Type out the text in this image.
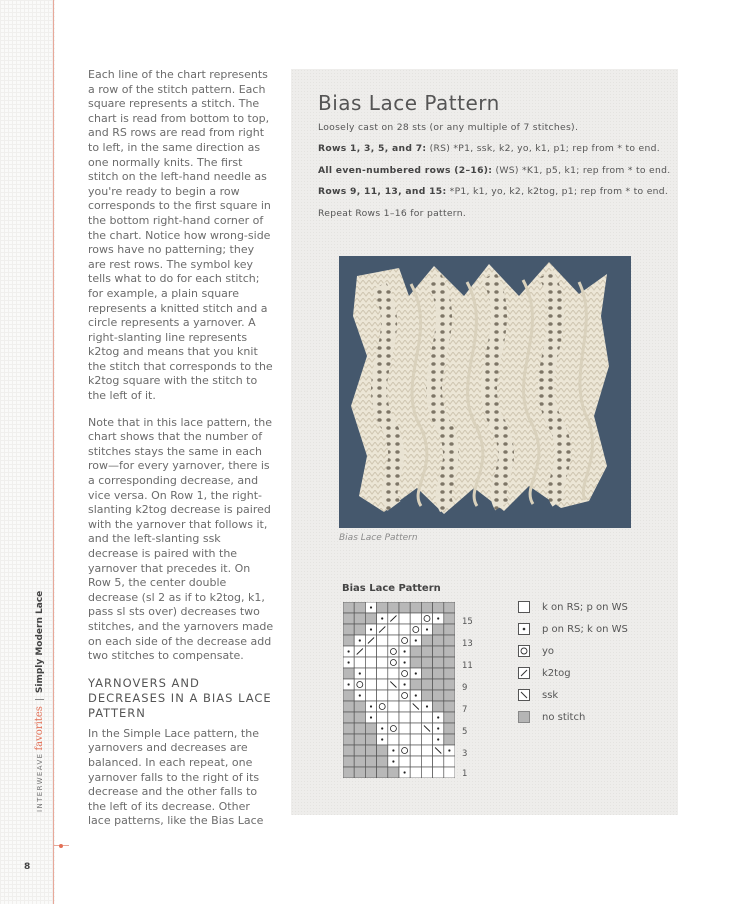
8
INTERWEAVEfavoritesSimply Modern Lace

Each line of the chart represents a row of the stitch pattern. Each square represents a stitch. The chart is read from bottom to top, and RS rows are read from right to left, in the same direction as one normally knits. The first stitch on the left-hand needle as you're ready to begin a row corresponds to the first square in the bottom right-hand corner of the chart. Notice how wrong-side rows have no patterning; they are rest rows. The symbol key tells what to do for each stitch; for example, a plain square represents a knitted stitch and a circle represents a yarnover. A right-slanting line represents k2tog and means that you knit the stitch that corresponds to the k2tog square with the stitch to the left of it.

Note that in this lace pattern, the chart shows that the number of stitches stays the same in each row—for every yarnover, there is a corresponding decrease, and vice versa. On Row 1, the right-slanting k2tog decrease is paired with the yarnover that follows it, and the left-slanting ssk decrease is paired with the yarnover that precedes it. On Row 5, the center double decrease (sl 2 as if to k2tog, k1, pass sl sts over) decreases two stitches, and the yarnovers made on each side of the decrease add two stitches to compensate.

YARNOVERS AND DECREASES IN A BIAS LACE PATTERN

In the Simple Lace pattern, the yarnovers and decreases are balanced. In each repeat, one yarnover falls to the right of its decrease and the other falls to the left of its decrease. Other lace patterns, like the Bias Lace

Bias Lace Pattern
Loosely cast on 28 sts (or any multiple of 7 stitches).
Rows 1, 3, 5, and 7: (RS) *P1, ssk, k2, yo, k1, p1; rep from * to end.
All even-numbered rows (2–16): (WS) *K1, p5, k1; rep from * to end.
Rows 9, 11, 13, and 15: *P1, k1, yo, k2, k2tog, p1; rep from * to end.
Repeat Rows 1–16 for pattern.
Bias Lace Pattern
Bias Lace Pattern
15
13
11
9
7
5
3
1
k on RS; p on WS
p on RS; k on WS
yo
k2tog
ssk
no stitch
